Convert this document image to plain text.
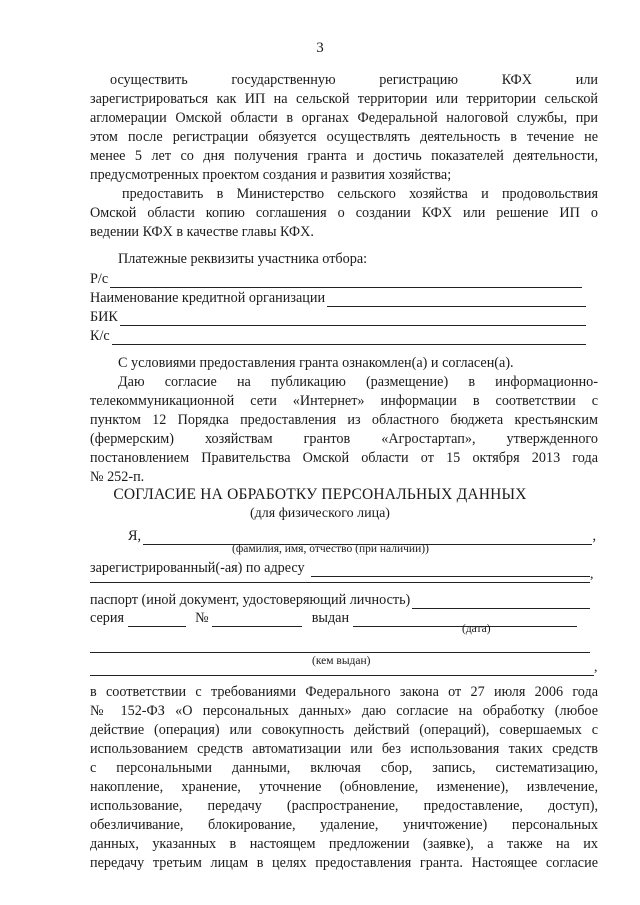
3
осуществить государственную регистрацию КФХ или
зарегистрироваться как ИП на сельской территории или территории сельской
агломерации Омской области в органах Федеральной налоговой службы, при
этом после регистрации обязуется осуществлять деятельность в течение не
менее 5 лет со дня получения гранта и достичь показателей деятельности,
предусмотренных проектом создания и развития хозяйства;
предоставить в Министерство сельского хозяйства и продовольствия
Омской области копию соглашения о создании КФХ или решение ИП о
ведении КФХ в качестве главы КФХ.
Платежные реквизиты участника отбора:
Р/с
Наименование кредитной организации
БИК
К/с
С условиями предоставления гранта ознакомлен(а) и согласен(а).
Даю согласие на публикацию (размещение) в информационно-
телекоммуникационной сети «Интернет» информации в соответствии с
пунктом 12 Порядка предоставления из областного бюджета крестьянским
(фермерским) хозяйствам грантов «Агростартап», утвержденного
постановлением Правительства Омской области от 15 октября 2013 года
№ 252-п.
СОГЛАСИЕ НА ОБРАБОТКУ ПЕРСОНАЛЬНЫХ ДАННЫХ
(для физического лица)
Я,	,
(фамилия, имя, отчество (при наличии))
зарегистрированный(-ая) по адресу	,
паспорт (иной документ, удостоверяющий личность)
серия	№	выдан
(дата)
(кем выдан)	,
в соответствии с требованиями Федерального закона от 27 июля 2006 года
№ 152-ФЗ «О персональных данных» даю согласие на обработку (любое
действие (операция) или совокупность действий (операций), совершаемых с
использованием средств автоматизации или без использования таких средств
с персональными данными, включая сбор, запись, систематизацию,
накопление, хранение, уточнение (обновление, изменение), извлечение,
использование, передачу (распространение, предоставление, доступ),
обезличивание, блокирование, удаление, уничтожение) персональных
данных, указанных в настоящем предложении (заявке), а также на их
передачу третьим лицам в целях предоставления гранта. Настоящее согласие
